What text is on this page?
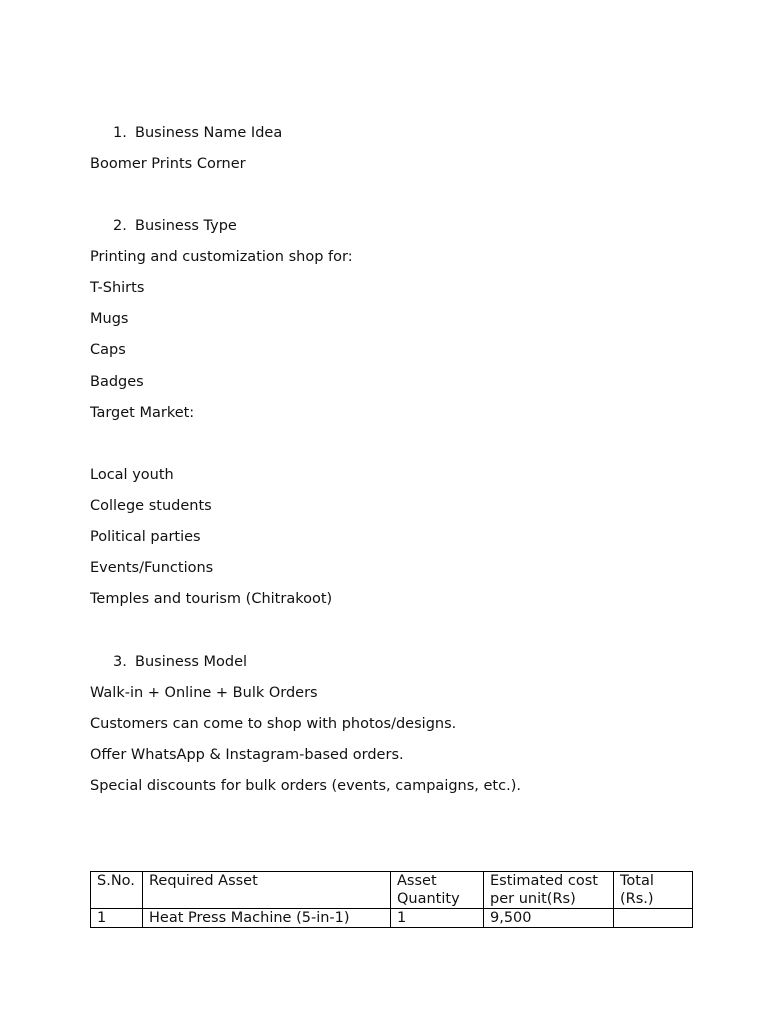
1. Business Name Idea
Boomer Prints Corner
2. Business Type
Printing and customization shop for:
T-Shirts
Mugs
Caps
Badges
Target Market:
Local youth
College students
Political parties
Events/Functions
Temples and tourism (Chitrakoot)
3. Business Model
Walk-in + Online + Bulk Orders
Customers can come to shop with photos/designs.
Offer WhatsApp & Instagram-based orders.
Special discounts for bulk orders (events, campaigns, etc.).
S.No.	Required Asset	Asset Quantity	Estimated cost per unit(Rs)	Total (Rs.)
1	Heat Press Machine (5-in-1)	1	9,500	
